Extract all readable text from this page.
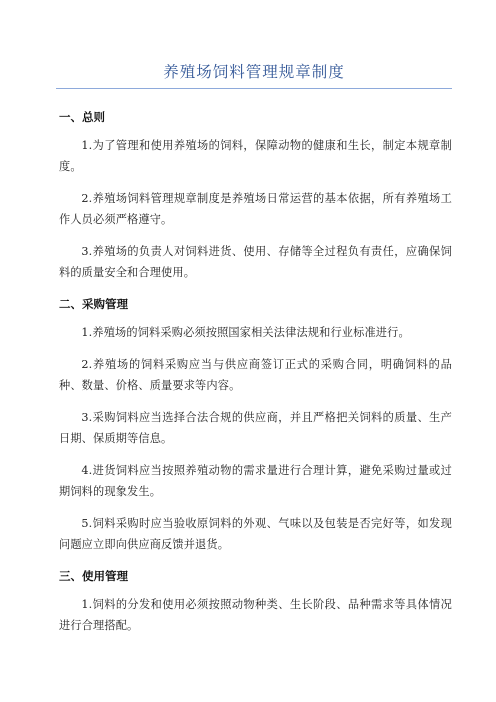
养殖场饲料管理规章制度
一、总则

1.为了管理和使用养殖场的饲料，保障动物的健康和生长，制定本规章制度。

2.养殖场饲料管理规章制度是养殖场日常运营的基本依据，所有养殖场工作人员必须严格遵守。

3.养殖场的负责人对饲料进货、使用、存储等全过程负有责任，应确保饲料的质量安全和合理使用。

二、采购管理

1.养殖场的饲料采购必须按照国家相关法律法规和行业标准进行。

2.养殖场的饲料采购应当与供应商签订正式的采购合同，明确饲料的品种、数量、价格、质量要求等内容。

3.采购饲料应当选择合法合规的供应商，并且严格把关饲料的质量、生产日期、保质期等信息。

4.进货饲料应当按照养殖动物的需求量进行合理计算，避免采购过量或过期饲料的现象发生。

5.饲料采购时应当验收原饲料的外观、气味以及包装是否完好等，如发现问题应立即向供应商反馈并退货。

三、使用管理

1.饲料的分发和使用必须按照动物种类、生长阶段、品种需求等具体情况进行合理搭配。
